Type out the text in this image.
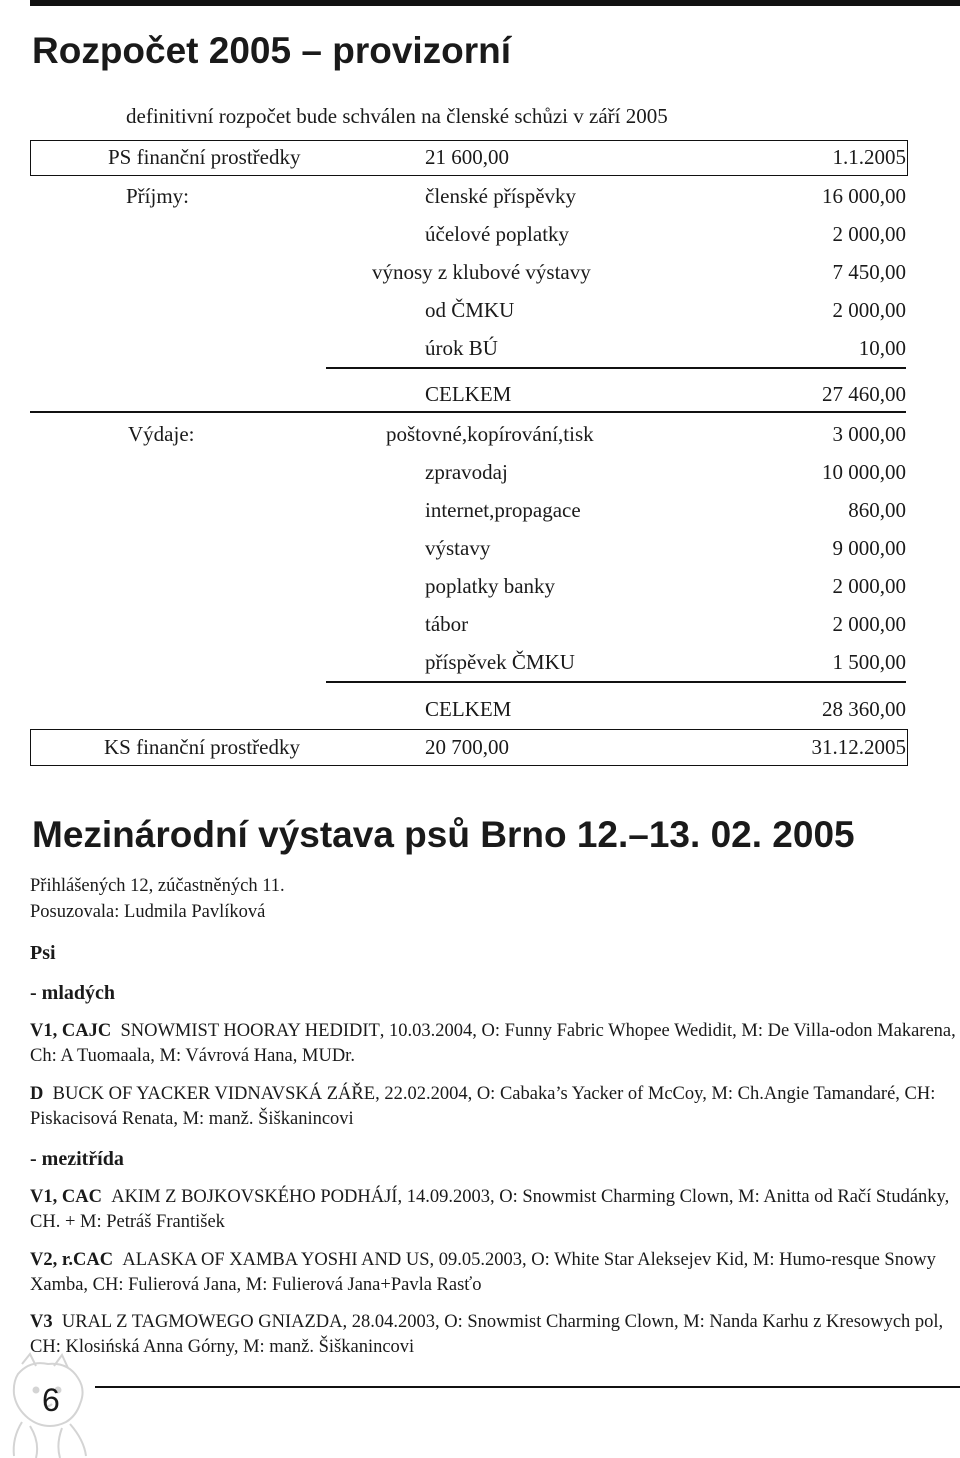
Rozpočet 2005 – provizorní
definitivní rozpočet bude schválen na členské schůzi v září 2005
PS finanční prostředky	21 600,00	1.1.2005
Příjmy:	členské příspěvky	16 000,00
účelové poplatky	2 000,00
výnosy z klubové výstavy	7 450,00
od ČMKU	2 000,00
úrok BÚ	10,00
CELKEM	27 460,00
Výdaje:	poštovné,kopírování,tisk	3 000,00
zpravodaj	10 000,00
internet,propagace	860,00
výstavy	9 000,00
poplatky banky	2 000,00
tábor	2 000,00
příspěvek ČMKU	1 500,00
CELKEM	28 360,00
KS finanční prostředky	20 700,00	31.12.2005
Mezinárodní výstava psů Brno 12.–13. 02. 2005
Přihlášených 12, zúčastněných 11.
Posuzovala: Ludmila Pavlíková
Psi
- mladých
V1, CAJC SNOWMIST HOORAY HEDIDIT, 10.03.2004, O: Funny Fabric Whopee Wedidit, M: De Villa-odon Makarena, Ch: A Tuomaala, M: Vávrová Hana, MUDr.
D BUCK OF YACKER VIDNAVSKÁ ZÁŘE, 22.02.2004, O: Cabaka’s Yacker of McCoy, M: Ch.Angie Tamandaré, CH: Piskacisová Renata, M: manž. Šiškanincovi
- mezitřída
V1, CAC AKIM Z BOJKOVSKÉHO PODHÁJÍ, 14.09.2003, O: Snowmist Charming Clown, M: Anitta od Račí Studánky, CH. + M: Petráš František
V2, r.CAC ALASKA OF XAMBA YOSHI AND US, 09.05.2003, O: White Star Aleksejev Kid, M: Humo-resque Snowy Xamba, CH: Fulierová Jana, M: Fulierová Jana+Pavla Rasťo
V3 URAL Z TAGMOWEGO GNIAZDA, 28.04.2003, O: Snowmist Charming Clown, M: Nanda Karhu z Kresowych pol, CH: Klosińská Anna Górny, M: manž. Šiškanincovi
6
